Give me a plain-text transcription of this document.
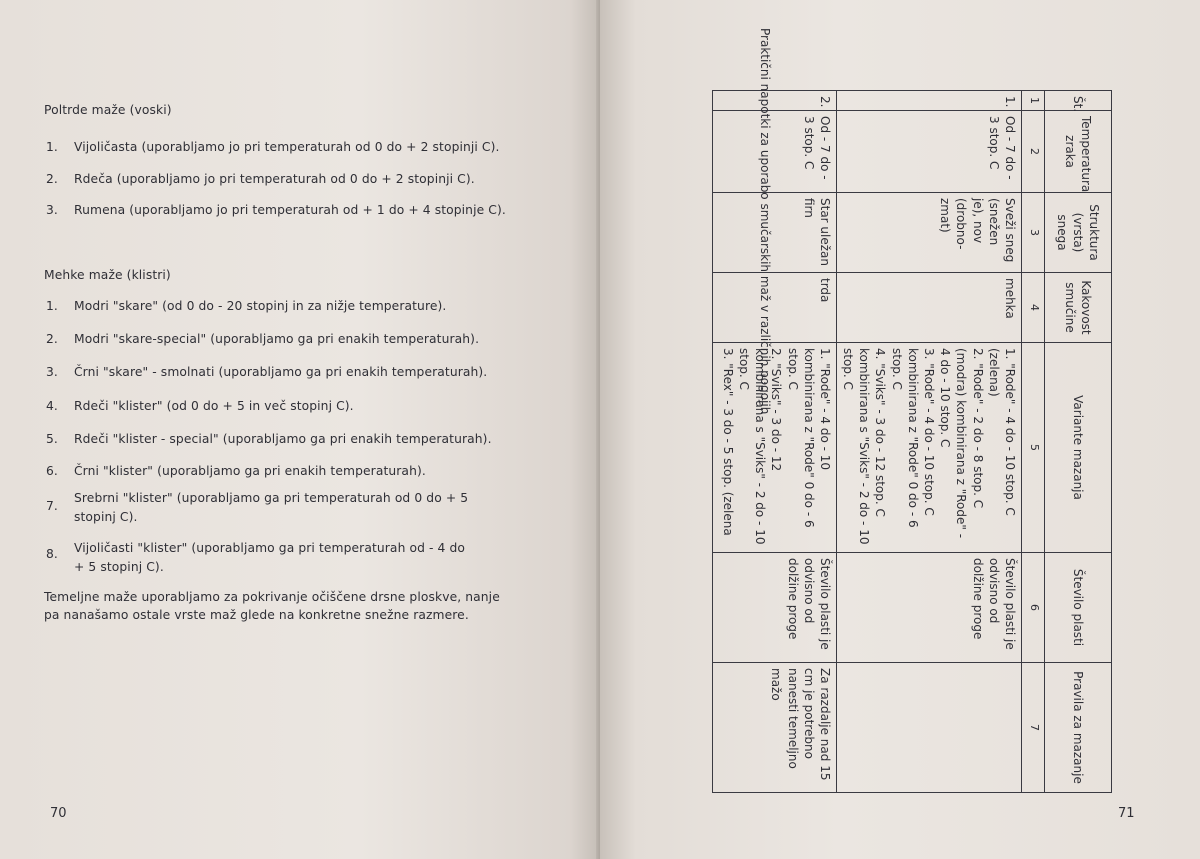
Poltrde maže (voski)
1. Vijoličasta (uporabljamo jo pri temperaturah od 0 do + 2 stopinji C).
2. Rdeča (uporabljamo jo pri temperaturah od 0 do + 2 stopinji C).
3. Rumena (uporabljamo jo pri temperaturah od + 1 do + 4 stopinje C).
Mehke maže (klistri)
1. Modri "skare" (od 0 do - 20 stopinj in za nižje temperature).
2. Modri "skare-special" (uporabljamo ga pri enakih temperaturah).
3. Črni "skare" - smolnati (uporabljamo ga pri enakih temperaturah).
4. Rdeči "klister" (od 0 do + 5 in več stopinj C).
5. Rdeči "klister - special" (uporabljamo ga pri enakih temperaturah).
6. Črni "klister" (uporabljamo ga pri enakih temperaturah).
7.
Srebrni "klister" (uporabljamo ga pri temperaturah od 0 do + 5
stopinj C).
8. Vijoličasti "klister" (uporabljamo ga pri temperaturah od - 4 do
+ 5 stopinj C).
Temeljne maže uporabljamo za pokrivanje očiščene drsne ploskve, nanje
pa nanašamo ostale vrste maž glede na konkretne snežne razmere.
70	71
Št.	Temperatura zraka	Struktura (vrsta) snega	Kakovost smučine	Variante mazanja	Število plasti	Pravila za mazanje
1	2	3	4	5	6	7
1.	Od - 7 do - 3 stop. C	Sveži sneg (snežen je), nov (drobno-zmat)	mehka	1. "Rode" - 4 do - 10 stop. C (zelena)
2. "Rode" - 2 do - 8 stop. C (modra) kombinirana z "Rode" - 4 do - 10 stop. C
3. "Rode" - 4 do - 10 stop. C kombinirana z "Rode" 0 do - 6 stop. C
4. "Sviks" - 3 do - 12 stop. C kombinirana s "Sviks" - 2 do - 10 stop. C	Število plasti je odvisno od dolžine proge	
2.	Od - 7 do - 3 stop. C	Star uležan firn	trda	1. "Rode" - 4 do - 10 kombinirana z "Rode" 0 do - 6 stop. C
2. "Sviks" - 3 do - 12 kombinirana s "Sviks" - 2 do - 10 stop. C
3. "Rex" - 3 do - 5 stop. (zelena	Število plasti je odvisno od dolžine proge	Za razdalje nad 15 cm je potrebno nanesti temeljno mažo
Praktični napotki za uporabo smučarskih maž v različnih pogojih
